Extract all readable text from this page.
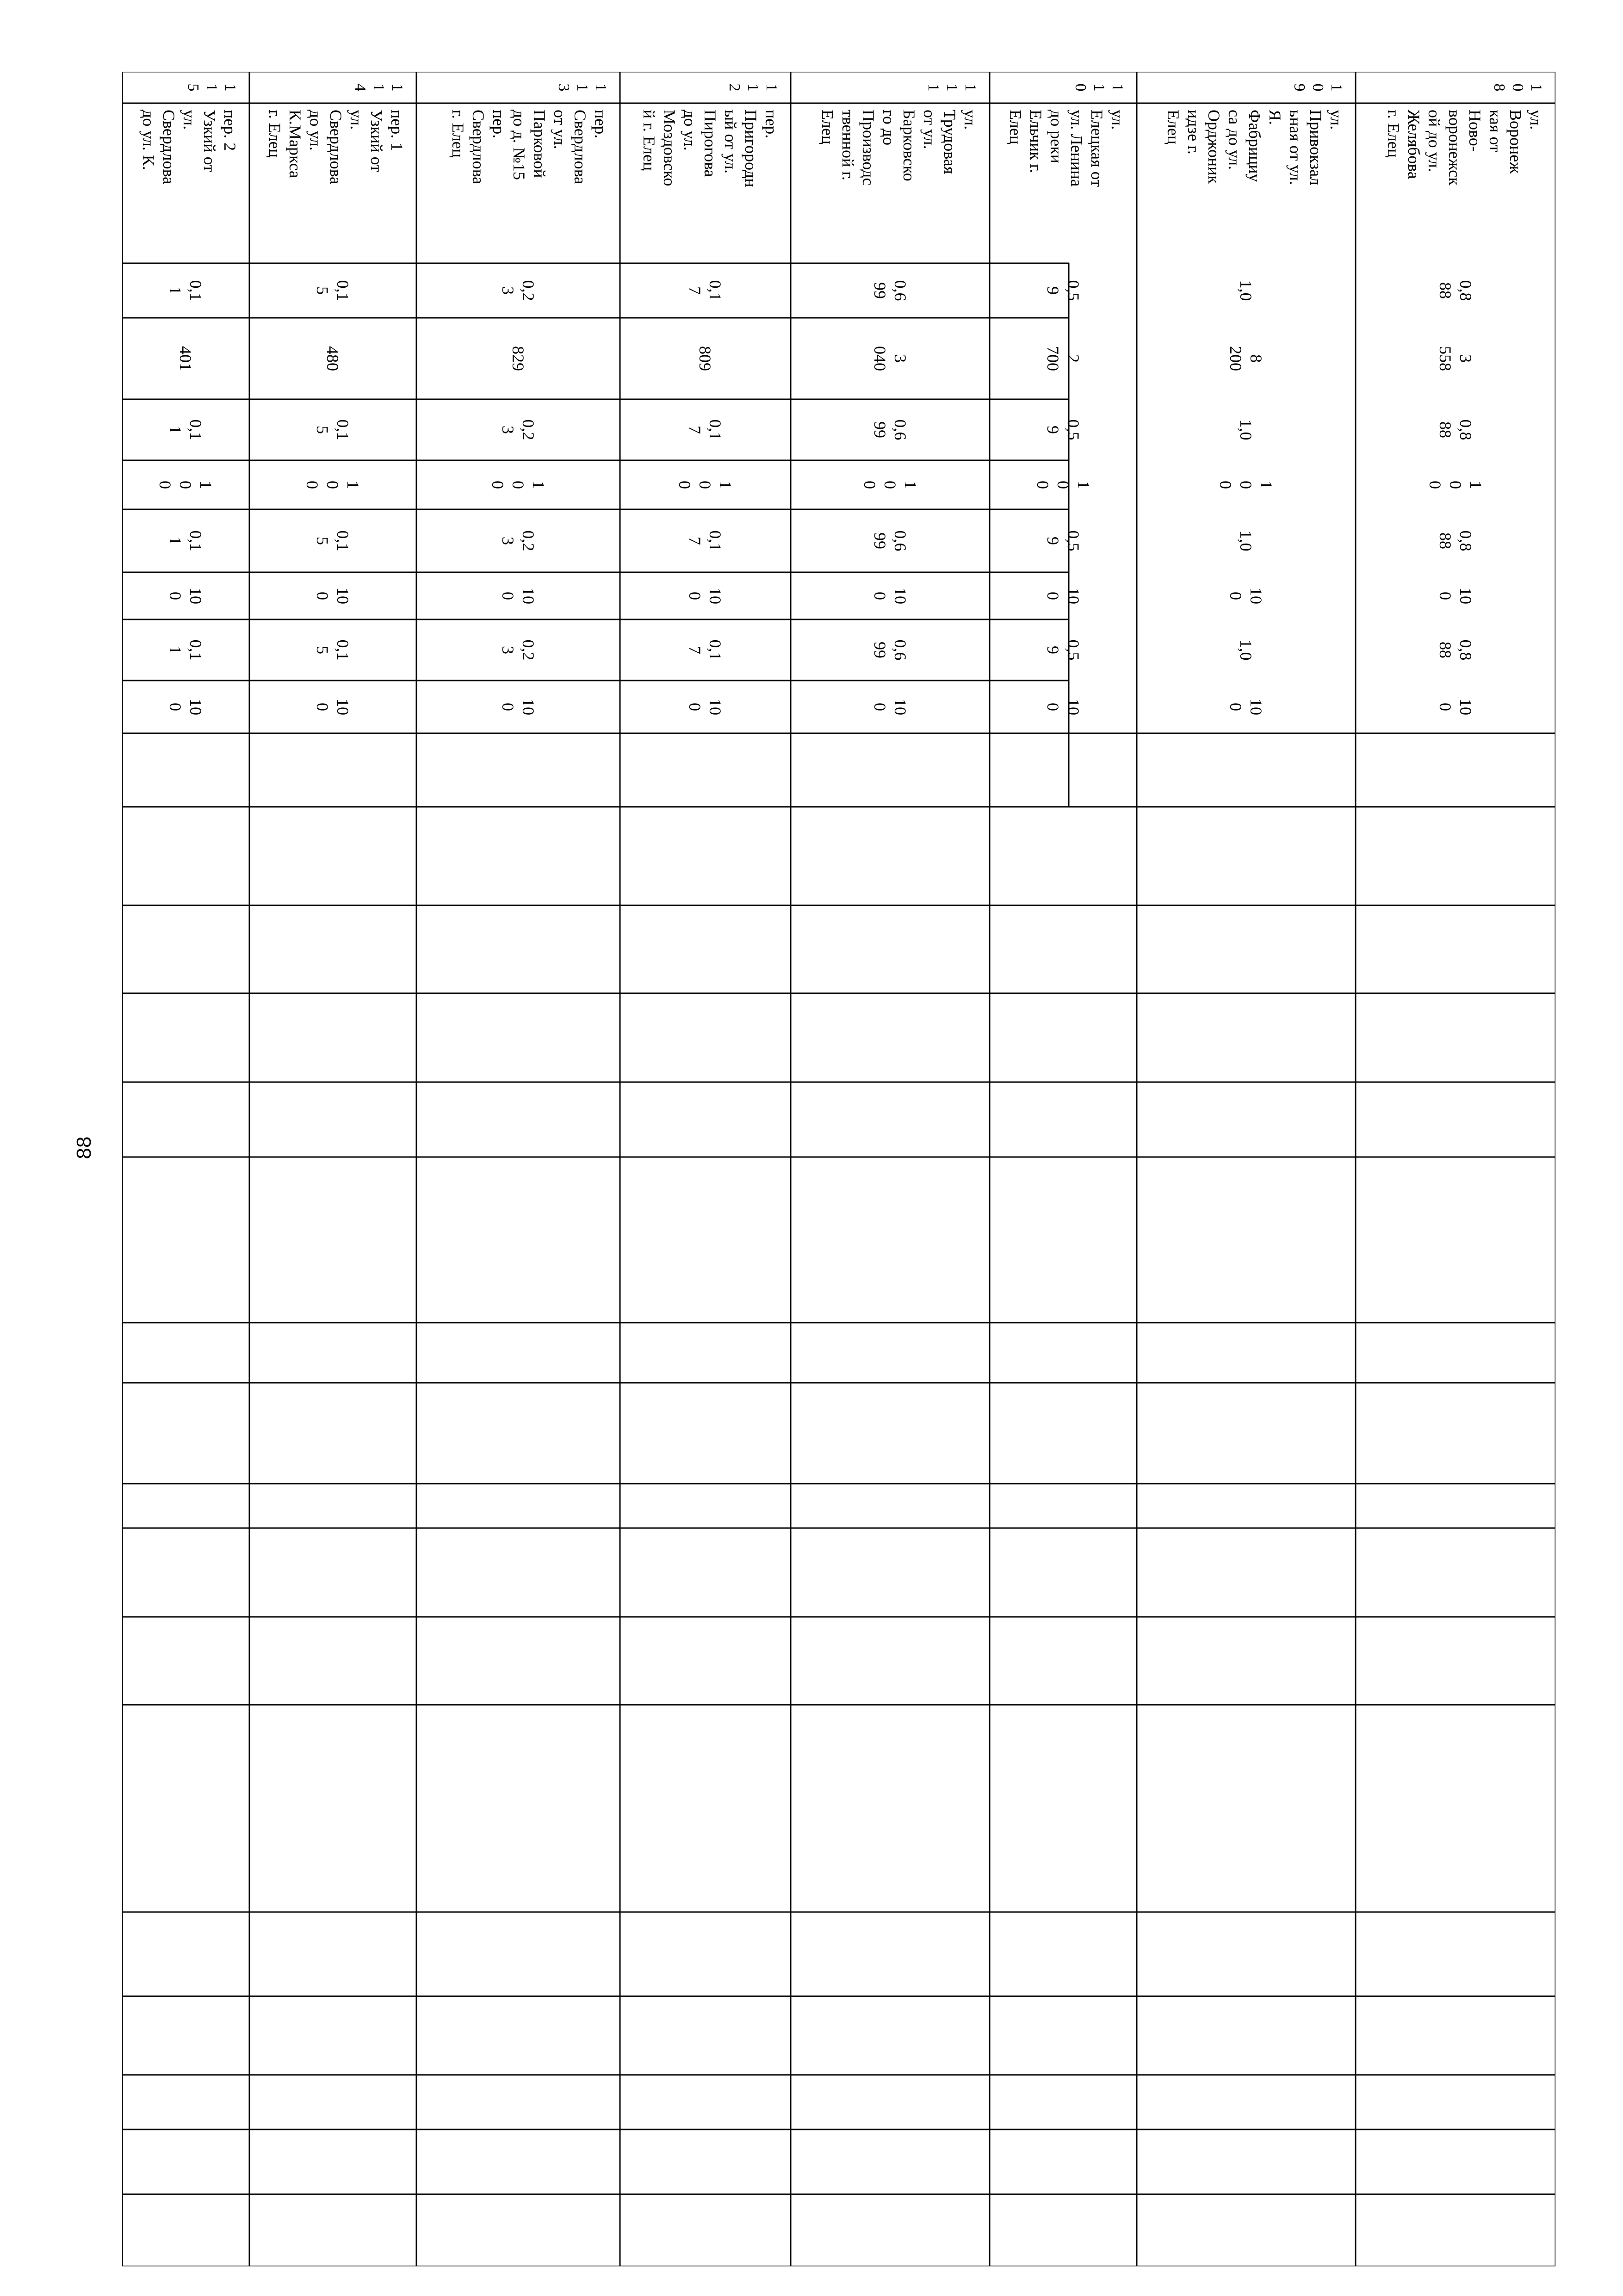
88
1
0
8
ул.
Воронеж
кая от
Ново-
воронежск
ой до ул.
Желябова
г. Елец
0,8
88
3
558
0,8
88
1
0
0
0,8
88
10
0
0,8
88
10
0
1
0
9
ул.
Привокзал
ьная от ул.
Я.
Фабрициу
са до ул.
Орджоник
идзе г.
Елец
1,0
8
200
1,0
1
0
0
1,0
10
0
1,0
10
0
1
1
0
ул.
Елецкая от
ул. Ленина
до реки
Ельчик г.
Елец
0,5
9
2
700
0,5
9
1
0
0
0,5
9
10
0
0,5
9
10
0
1
1
1
ул.
Трудовая
от ул.
Барковско
го до
Производс
твенной г.
Елец
0,6
99
3
040
0,6
99
1
0
0
0,6
99
10
0
0,6
99
10
0
1
1
2
пер.
Пригородн
ый от ул.
Пирогова
до ул.
Моздовско
й г. Елец
0,1
7
809
0,1
7
1
0
0
0,1
7
10
0
0,1
7
10
0
1
1
3
пер.
Свердлова
от ул.
Парковой
до д. №15
пер.
Свердлова
г. Елец
0,2
3
829
0,2
3
1
0
0
0,2
3
10
0
0,2
3
10
0
1
1
4
пер. 1
Узкий от
ул.
Свердлова
до ул.
К.Маркса
г. Елец
0,1
5
480
0,1
5
1
0
0
0,1
5
10
0
0,1
5
10
0
1
1
5
пер. 2
Узкий от
ул.
Свердлова
до ул. К.
0,1
1
401
0,1
1
1
0
0
0,1
1
10
0
0,1
1
10
0
